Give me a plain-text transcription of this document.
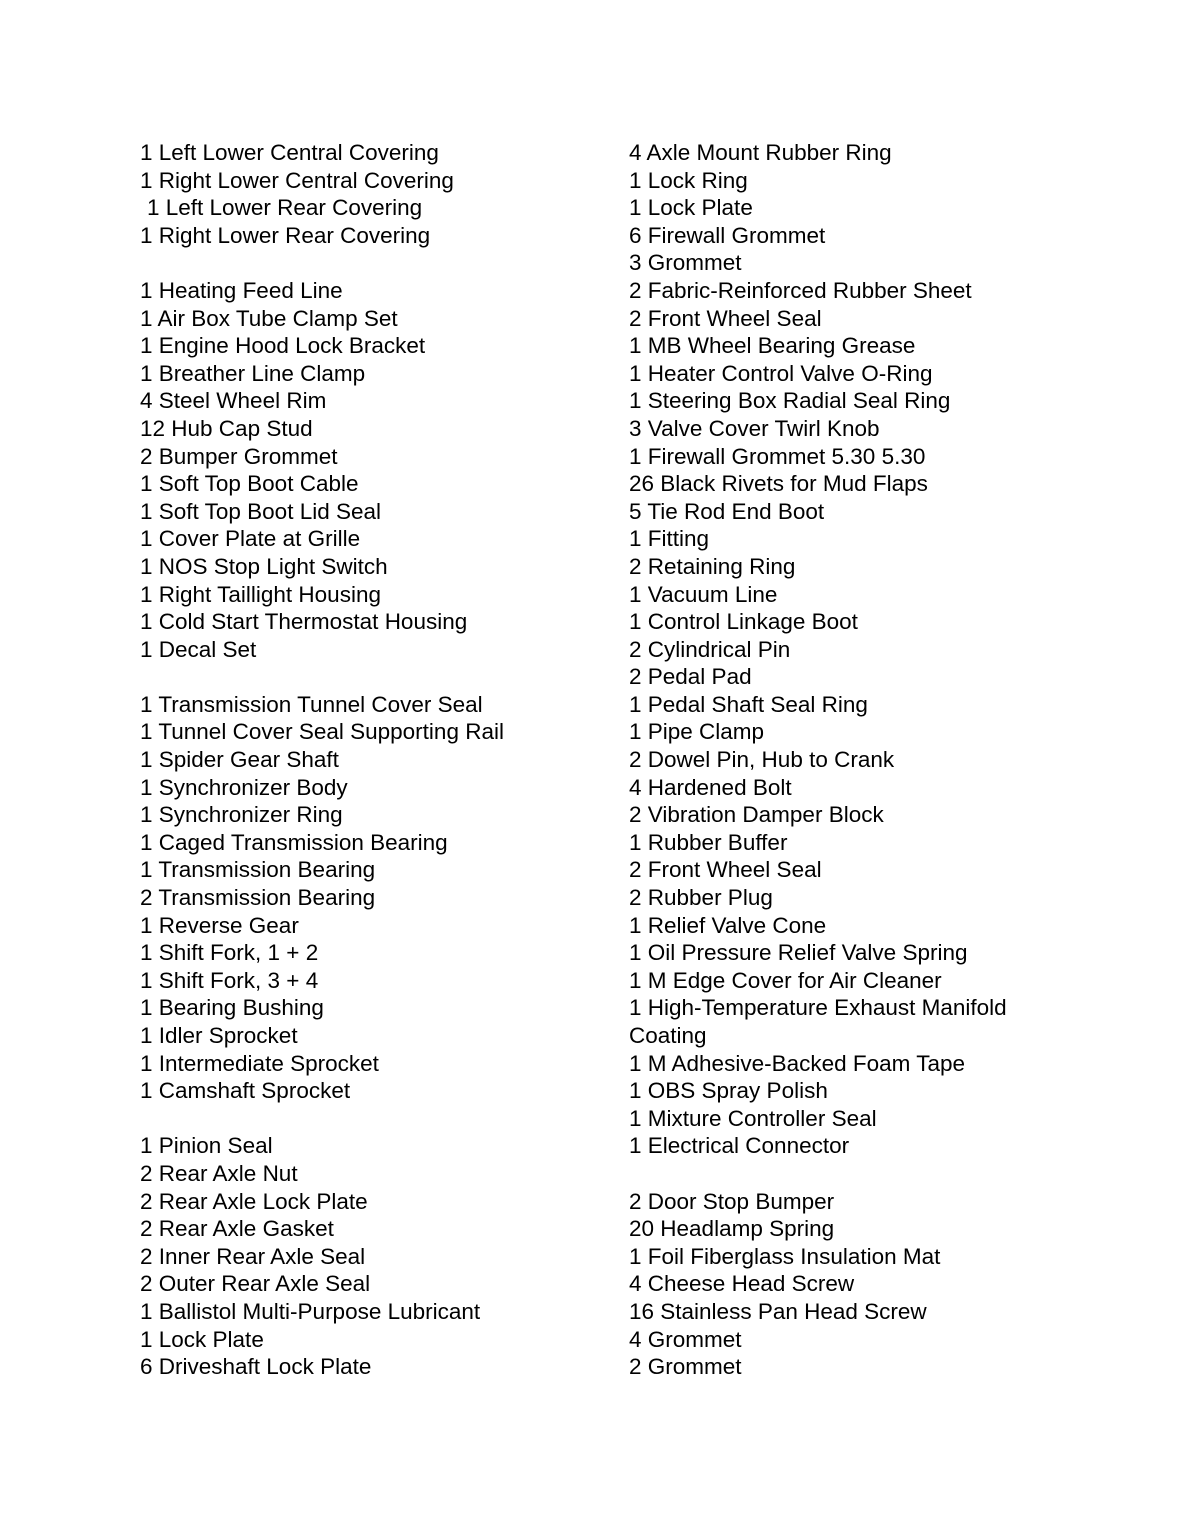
1 Left Lower Central Covering
1 Right Lower Central Covering
1 Left Lower Rear Covering
1 Right Lower Rear Covering
1 Heating Feed Line
1 Air Box Tube Clamp Set
1 Engine Hood Lock Bracket
1 Breather Line Clamp
4 Steel Wheel Rim
12 Hub Cap Stud
2 Bumper Grommet
1 Soft Top Boot Cable
1 Soft Top Boot Lid Seal
1 Cover Plate at Grille
1 NOS Stop Light Switch
1 Right Taillight Housing
1 Cold Start Thermostat Housing
1 Decal Set
1 Transmission Tunnel Cover Seal
1 Tunnel Cover Seal Supporting Rail
1 Spider Gear Shaft
1 Synchronizer Body
1 Synchronizer Ring
1 Caged Transmission Bearing
1 Transmission Bearing
2 Transmission Bearing
1 Reverse Gear
1 Shift Fork, 1 + 2
1 Shift Fork, 3 + 4
1 Bearing Bushing
1 Idler Sprocket
1 Intermediate Sprocket
1 Camshaft Sprocket
1 Pinion Seal
2 Rear Axle Nut
2 Rear Axle Lock Plate
2 Rear Axle Gasket
2 Inner Rear Axle Seal
2 Outer Rear Axle Seal
1 Ballistol Multi-Purpose Lubricant
1 Lock Plate
6 Driveshaft Lock Plate
4 Axle Mount Rubber Ring
1 Lock Ring
1 Lock Plate
6 Firewall Grommet
3 Grommet
2 Fabric-Reinforced Rubber Sheet
2 Front Wheel Seal
1 MB Wheel Bearing Grease
1 Heater Control Valve O-Ring
1 Steering Box Radial Seal Ring
3 Valve Cover Twirl Knob
1 Firewall Grommet 5.30 5.30
26 Black Rivets for Mud Flaps
5 Tie Rod End Boot
1 Fitting
2 Retaining Ring
1 Vacuum Line
1 Control Linkage Boot
2 Cylindrical Pin
2 Pedal Pad
1 Pedal Shaft Seal Ring
1 Pipe Clamp
2 Dowel Pin, Hub to Crank
4 Hardened Bolt
2 Vibration Damper Block
1 Rubber Buffer
2 Front Wheel Seal
2 Rubber Plug
1 Relief Valve Cone
1 Oil Pressure Relief Valve Spring
1 M Edge Cover for Air Cleaner
1 High-Temperature Exhaust Manifold Coating
1 M Adhesive-Backed Foam Tape
1 OBS Spray Polish
1 Mixture Controller Seal
1 Electrical Connector
2 Door Stop Bumper
20 Headlamp Spring
1 Foil Fiberglass Insulation Mat
4 Cheese Head Screw
16 Stainless Pan Head Screw
4 Grommet
2 Grommet
